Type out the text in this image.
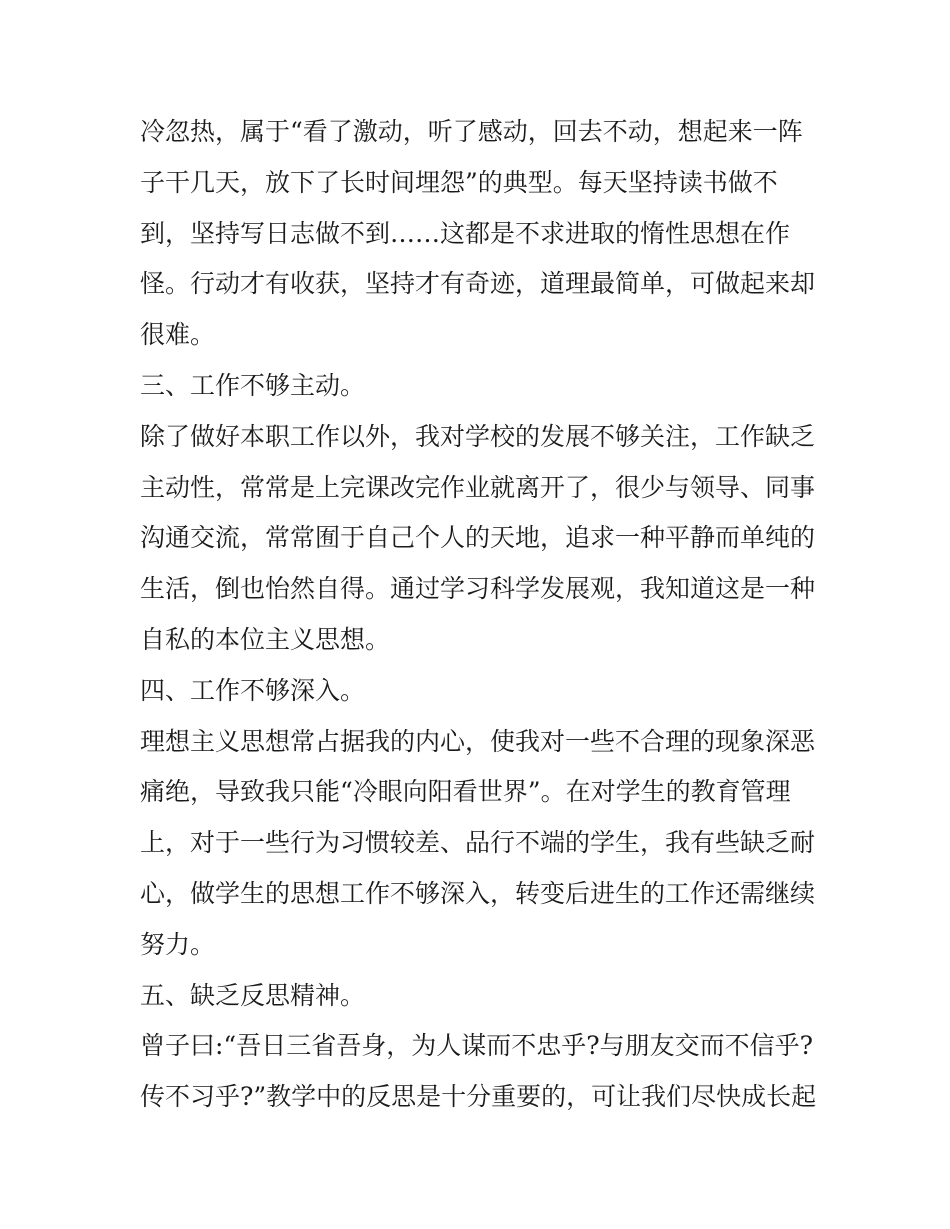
冷忽热，属于“看了激动，听了感动，回去不动，想起来一阵

子干几天，放下了长时间埋怨”的典型。每天坚持读书做不

到，坚持写日志做不到……这都是不求进取的惰性思想在作

怪。行动才有收获，坚持才有奇迹，道理最简单，可做起来却

很难。

三、工作不够主动。

除了做好本职工作以外，我对学校的发展不够关注，工作缺乏

主动性，常常是上完课改完作业就离开了，很少与领导、同事

沟通交流，常常囿于自己个人的天地，追求一种平静而单纯的

生活，倒也怡然自得。通过学习科学发展观，我知道这是一种

自私的本位主义思想。

四、工作不够深入。

理想主义思想常占据我的内心，使我对一些不合理的现象深恶

痛绝，导致我只能“冷眼向阳看世界”。在对学生的教育管理

上，对于一些行为习惯较差、品行不端的学生，我有些缺乏耐

心，做学生的思想工作不够深入，转变后进生的工作还需继续

努力。

五、缺乏反思精神。

曾子曰:“吾日三省吾身，为人谋而不忠乎?与朋友交而不信乎?

传不习乎?”教学中的反思是十分重要的，可让我们尽快成长起
